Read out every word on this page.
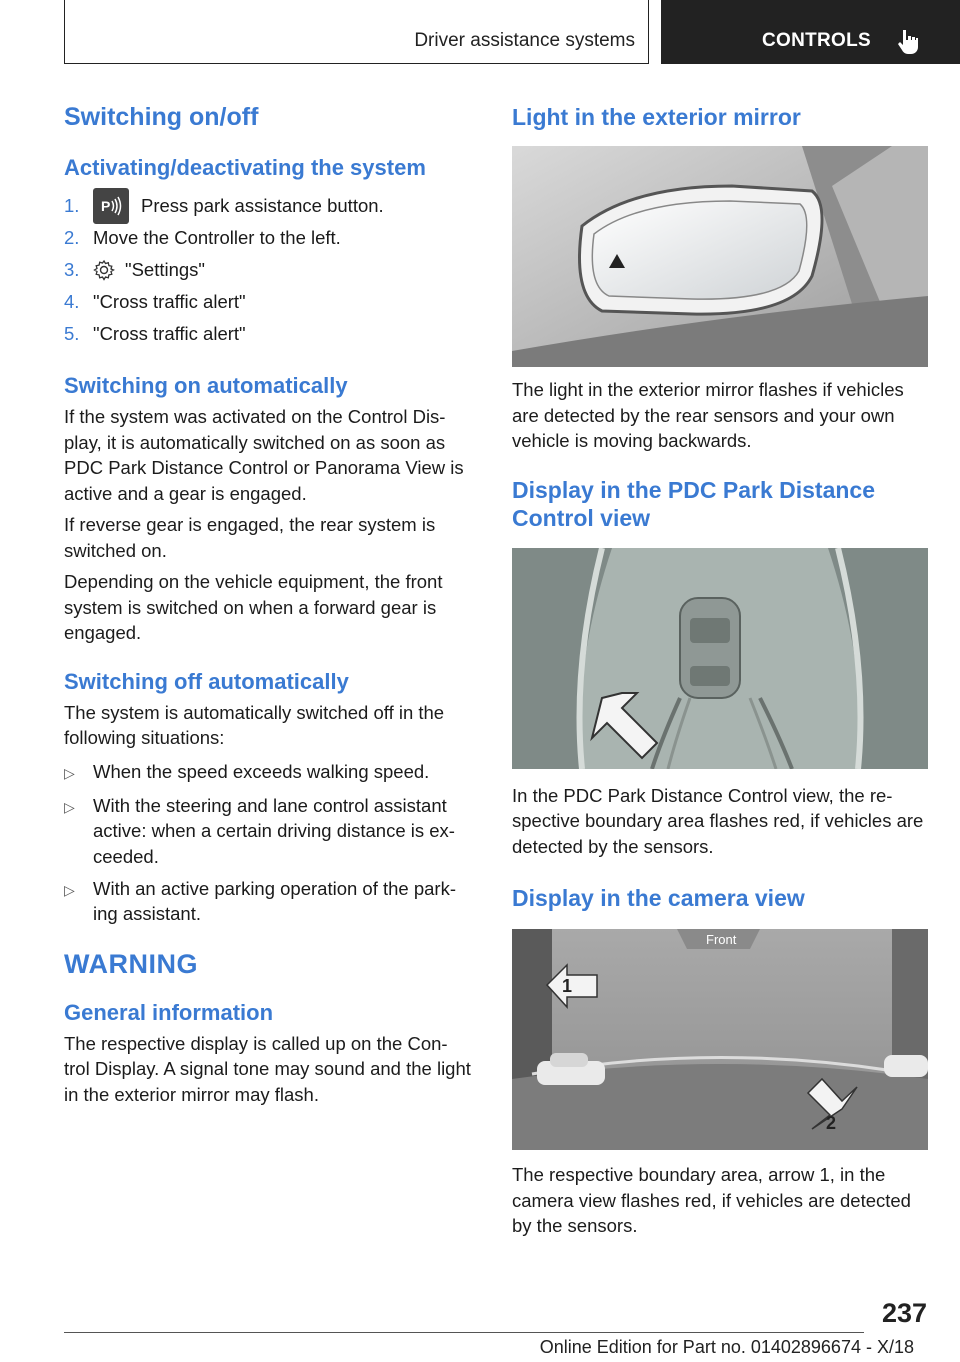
Driver assistance systems	CONTROLS
Switching on/off
Activating/deactivating the system
1.	P Press park assistance button.
2. Move the Controller to the left.
3.	"Settings"
4. "Cross traffic alert"
5. "Cross traffic alert"
Switching on automatically

If the system was activated on the Control Dis‐ play, it is automatically switched on as soon as PDC Park Distance Control or Panorama View is active and a gear is engaged.

If reverse gear is engaged, the rear system is switched on.

Depending on the vehicle equipment, the front system is switched on when a forward gear is engaged.

Switching off automatically

The system is automatically switched off in the following situations:

▷ When the speed exceeds walking speed.
▷ With the steering and lane control assistant active: when a certain driving distance is ex‐ ceeded.
▷ With an active parking operation of the park‐ ing assistant.
WARNING
General information

The respective display is called up on the Con‐ trol Display. A signal tone may sound and the light in the exterior mirror may flash.

Light in the exterior mirror

The light in the exterior mirror flashes if vehicles are detected by the rear sensors and your own vehicle is moving backwards.

Display in the PDC Park Distance Control view

In the PDC Park Distance Control view, the re‐ spective boundary area flashes red, if vehicles are detected by the sensors.

Display in the camera view
Front
1
2

The respective boundary area, arrow 1, in the camera view flashes red, if vehicles are detected by the sensors.

237
Online Edition for Part no. 01402896674 - X/18
